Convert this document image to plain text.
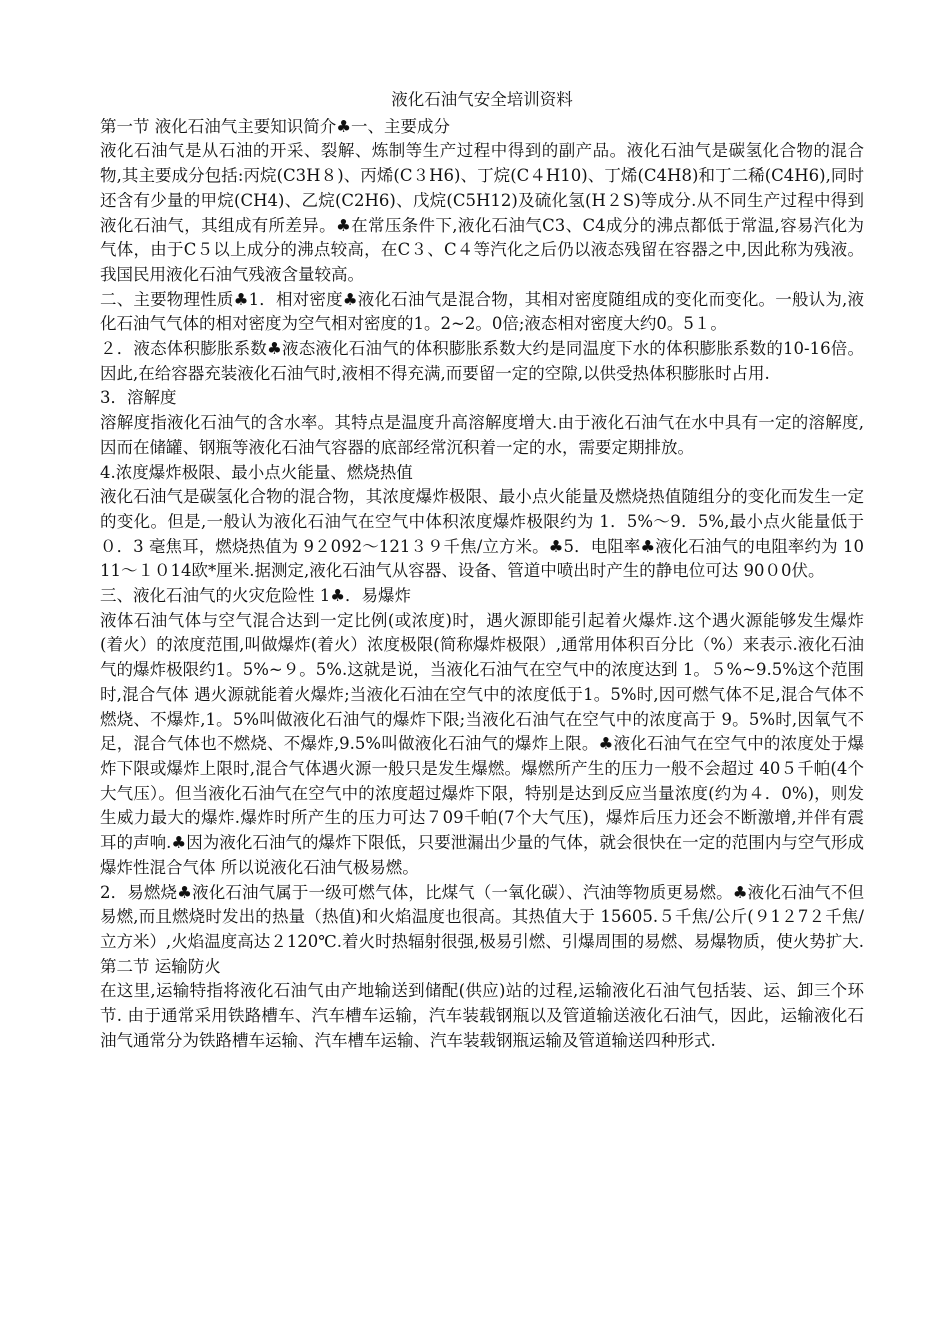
液化石油气安全培训资料

第一节 液化石油气主要知识简介♣一、主要成分

液化石油气是从石油的开采、裂解、炼制等生产过程中得到的副产品。液化石油气是碳氢化合物的混合物,其主要成分包括:丙烷(C3H８)、丙烯(C３H6)、丁烷(C４H10)、丁烯(C4H8)和丁二稀(C4H6),同时还含有少量的甲烷(CH4)、乙烷(C2H6)、戊烷(C5H12)及硫化氢(H２S)等成分.从不同生产过程中得到液化石油气，其组成有所差异。♣在常压条件下,液化石油气C3、C4成分的沸点都低于常温,容易汽化为气体，由于C５以上成分的沸点较高，在C３、C４等汽化之后仍以液态残留在容器之中,因此称为残液。我国民用液化石油气残液含量较高。

二、主要物理性质♣1．相对密度♣液化石油气是混合物，其相对密度随组成的变化而变化。一般认为,液化石油气气体的相对密度为空气相对密度的1。2~2。0倍;液态相对密度大约0。5１。

２．液态体积膨胀系数♣液态液化石油气的体积膨胀系数大约是同温度下水的体积膨胀系数的10-16倍。因此,在给容器充装液化石油气时,液相不得充满,而要留一定的空隙,以供受热体积膨胀时占用.

3．溶解度

溶解度指液化石油气的含水率。其特点是温度升高溶解度增大.由于液化石油气在水中具有一定的溶解度,因而在储罐、钢瓶等液化石油气容器的底部经常沉积着一定的水，需要定期排放。

4.浓度爆炸极限、最小点火能量、燃烧热值

液化石油气是碳氢化合物的混合物，其浓度爆炸极限、最小点火能量及燃烧热值随组分的变化而发生一定的变化。但是,一般认为液化石油气在空气中体积浓度爆炸极限约为 1．5%～9．5%,最小点火能量低于０．3 毫焦耳，燃烧热值为 9２092～121３９千焦/立方米。♣5．电阻率♣液化石油气的电阻率约为 1011～１０14欧*厘米.据测定,液化石油气从容器、设备、管道中喷出时产生的静电位可达 90０0伏。

三、液化石油气的火灾危险性 1♣．易爆炸

液体石油气体与空气混合达到一定比例(或浓度)时，遇火源即能引起着火爆炸.这个遇火源能够发生爆炸(着火）的浓度范围,叫做爆炸(着火）浓度极限(简称爆炸极限）,通常用体积百分比（%）来表示.液化石油气的爆炸极限约1。5%~９。5%.这就是说，当液化石油气在空气中的浓度达到 1。５%~9.5%这个范围时,混合气体 遇火源就能着火爆炸;当液化石油在空气中的浓度低于1。5%时,因可燃气体不足,混合气体不燃烧、不爆炸,1。5%叫做液化石油气的爆炸下限;当液化石油气在空气中的浓度高于 9。5%时,因氧气不足，混合气体也不燃烧、不爆炸,9.5%叫做液化石油气的爆炸上限。♣液化石油气在空气中的浓度处于爆炸下限或爆炸上限时,混合气体遇火源一般只是发生爆燃。爆燃所产生的压力一般不会超过 40５千帕(4个大气压）。但当液化石油气在空气中的浓度超过爆炸下限，特别是达到反应当量浓度(约为４．0%)，则发生威力最大的爆炸.爆炸时所产生的压力可达７09千帕(7个大气压)，爆炸后压力还会不断激增,并伴有震耳的声响.♣因为液化石油气的爆炸下限低，只要泄漏出少量的气体，就会很快在一定的范围内与空气形成爆炸性混合气体 所以说液化石油气极易燃。

2．易燃烧♣液化石油气属于一级可燃气体，比煤气（一氧化碳）、汽油等物质更易燃。♣液化石油气不但易燃,而且燃烧时发出的热量（热值)和火焰温度也很高。其热值大于 15605.５千焦/公斤(９1２7２千焦/立方米）,火焰温度高达２120℃.着火时热辐射很强,极易引燃、引爆周围的易燃、易爆物质，使火势扩大.第二节 运输防火

在这里,运输特指将液化石油气由产地输送到储配(供应)站的过程,运输液化石油气包括装、运、卸三个环节. 由于通常采用铁路槽车、汽车槽车运输，汽车装载钢瓶以及管道输送液化石油气，因此，运输液化石油气通常分为铁路槽车运输、汽车槽车运输、汽车装载钢瓶运输及管道输送四种形式.
